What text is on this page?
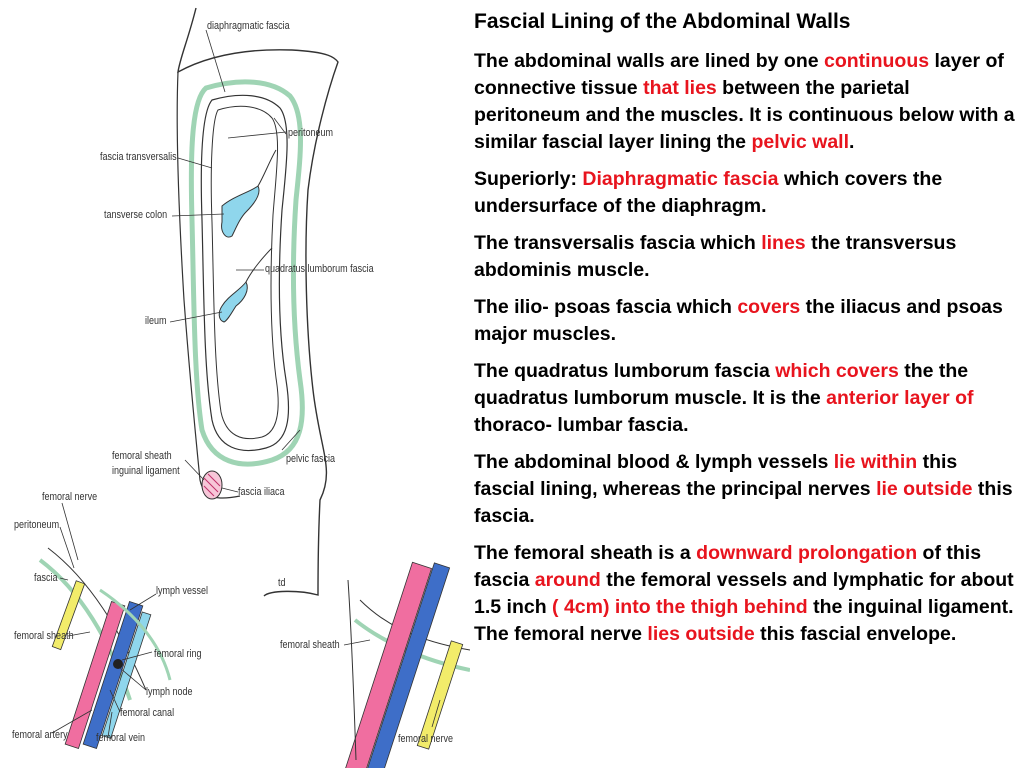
diaphragmatic fascia
peritoneum
fascia transversalis
tansverse colon
quadratus lumborum fascia
ileum
femoral sheath
inguinal ligament
pelvic fascia
fascia iliaca
femoral nerve
peritoneum
fascia
lymph vessel
femoral sheath
femoral ring
lymph node
femoral canal
femoral artery	femoral vein
femoral sheath
femoral nerve
td
Fascial Lining of the Abdominal Walls

The abdominal walls are lined by one continuous layer of connective tissue that lies between the parietal peritoneum and the muscles. It is continuous below with a similar fascial layer lining the pelvic wall.

Superiorly: Diaphragmatic fascia which covers the undersurface of the diaphragm.

The transversalis fascia which lines the transversus abdominis muscle.

The ilio- psoas fascia which covers the iliacus and psoas major muscles.

The quadratus lumborum fascia which covers the the quadratus lumborum muscle. It is the anterior layer of thoraco- lumbar fascia.

The abdominal blood & lymph vessels lie within this fascial lining, whereas the principal nerves lie outside this fascia.

The femoral sheath is a downward prolongation of this fascia around the femoral vessels and lymphatic for about 1.5 inch ( 4cm) into the thigh behind the inguinal ligament. The femoral nerve lies outside this fascial envelope.
